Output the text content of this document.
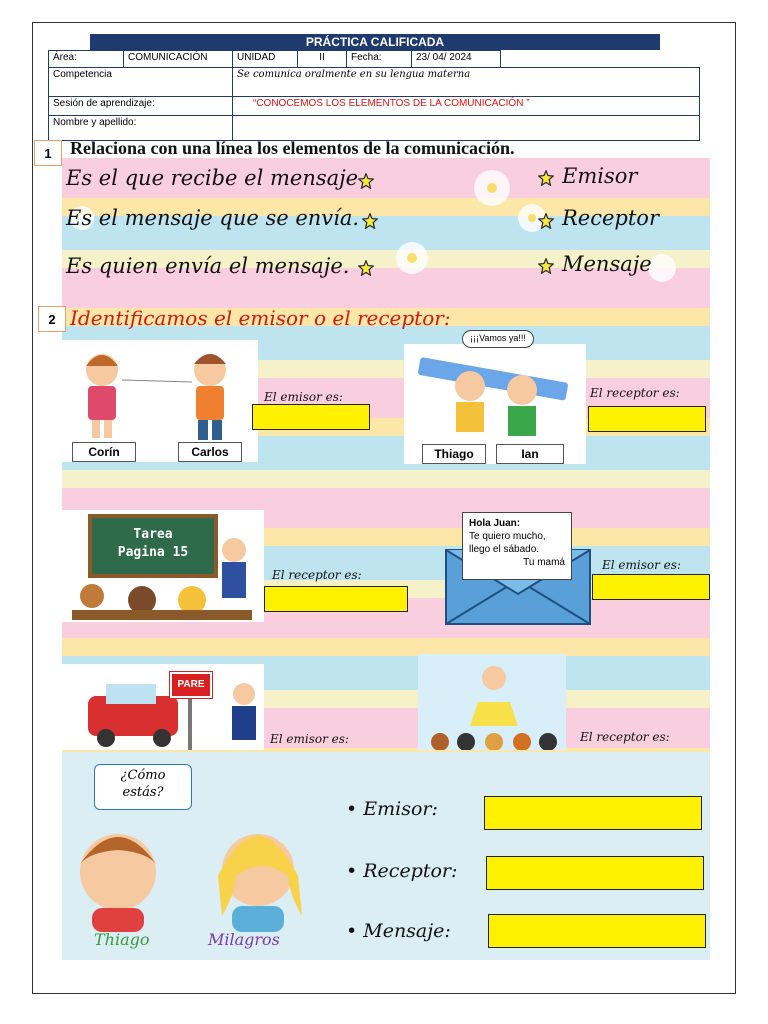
PRÁCTICA CALIFICADA
Área:	COMUNICACIÓN	UNIDAD	II	Fecha:	23/ 04/ 2024	
Competencia		Se comunica oralmente en su lengua materna				
Sesión de aprendizaje:		“CONOCEMOS LOS ELEMENTOS DE LA COMUNICACIÓN ”				
Nombre y apellido:						
1	Relaciona con una línea los elementos de la comunicación.
Es el que recibe el mensaje
Es el mensaje que se envía.
Es quien envía el mensaje.
Emisor
Receptor
Mensaje
2 Identificamos el emisor o el receptor:
Corín	Carlos
El emisor es:
¡¡¡Vamos ya!!!
Thiago	Ian
El receptor es:
Tarea
Pagina 15
El receptor es:
Hola Juan:
Te quiero mucho,
llego el sábado.
Tu mamá	El emisor es:
PARE
El emisor es:	El receptor es:
¿Cómo
estás?
Thiago	Milagros
• Emisor:
• Receptor:
• Mensaje:
